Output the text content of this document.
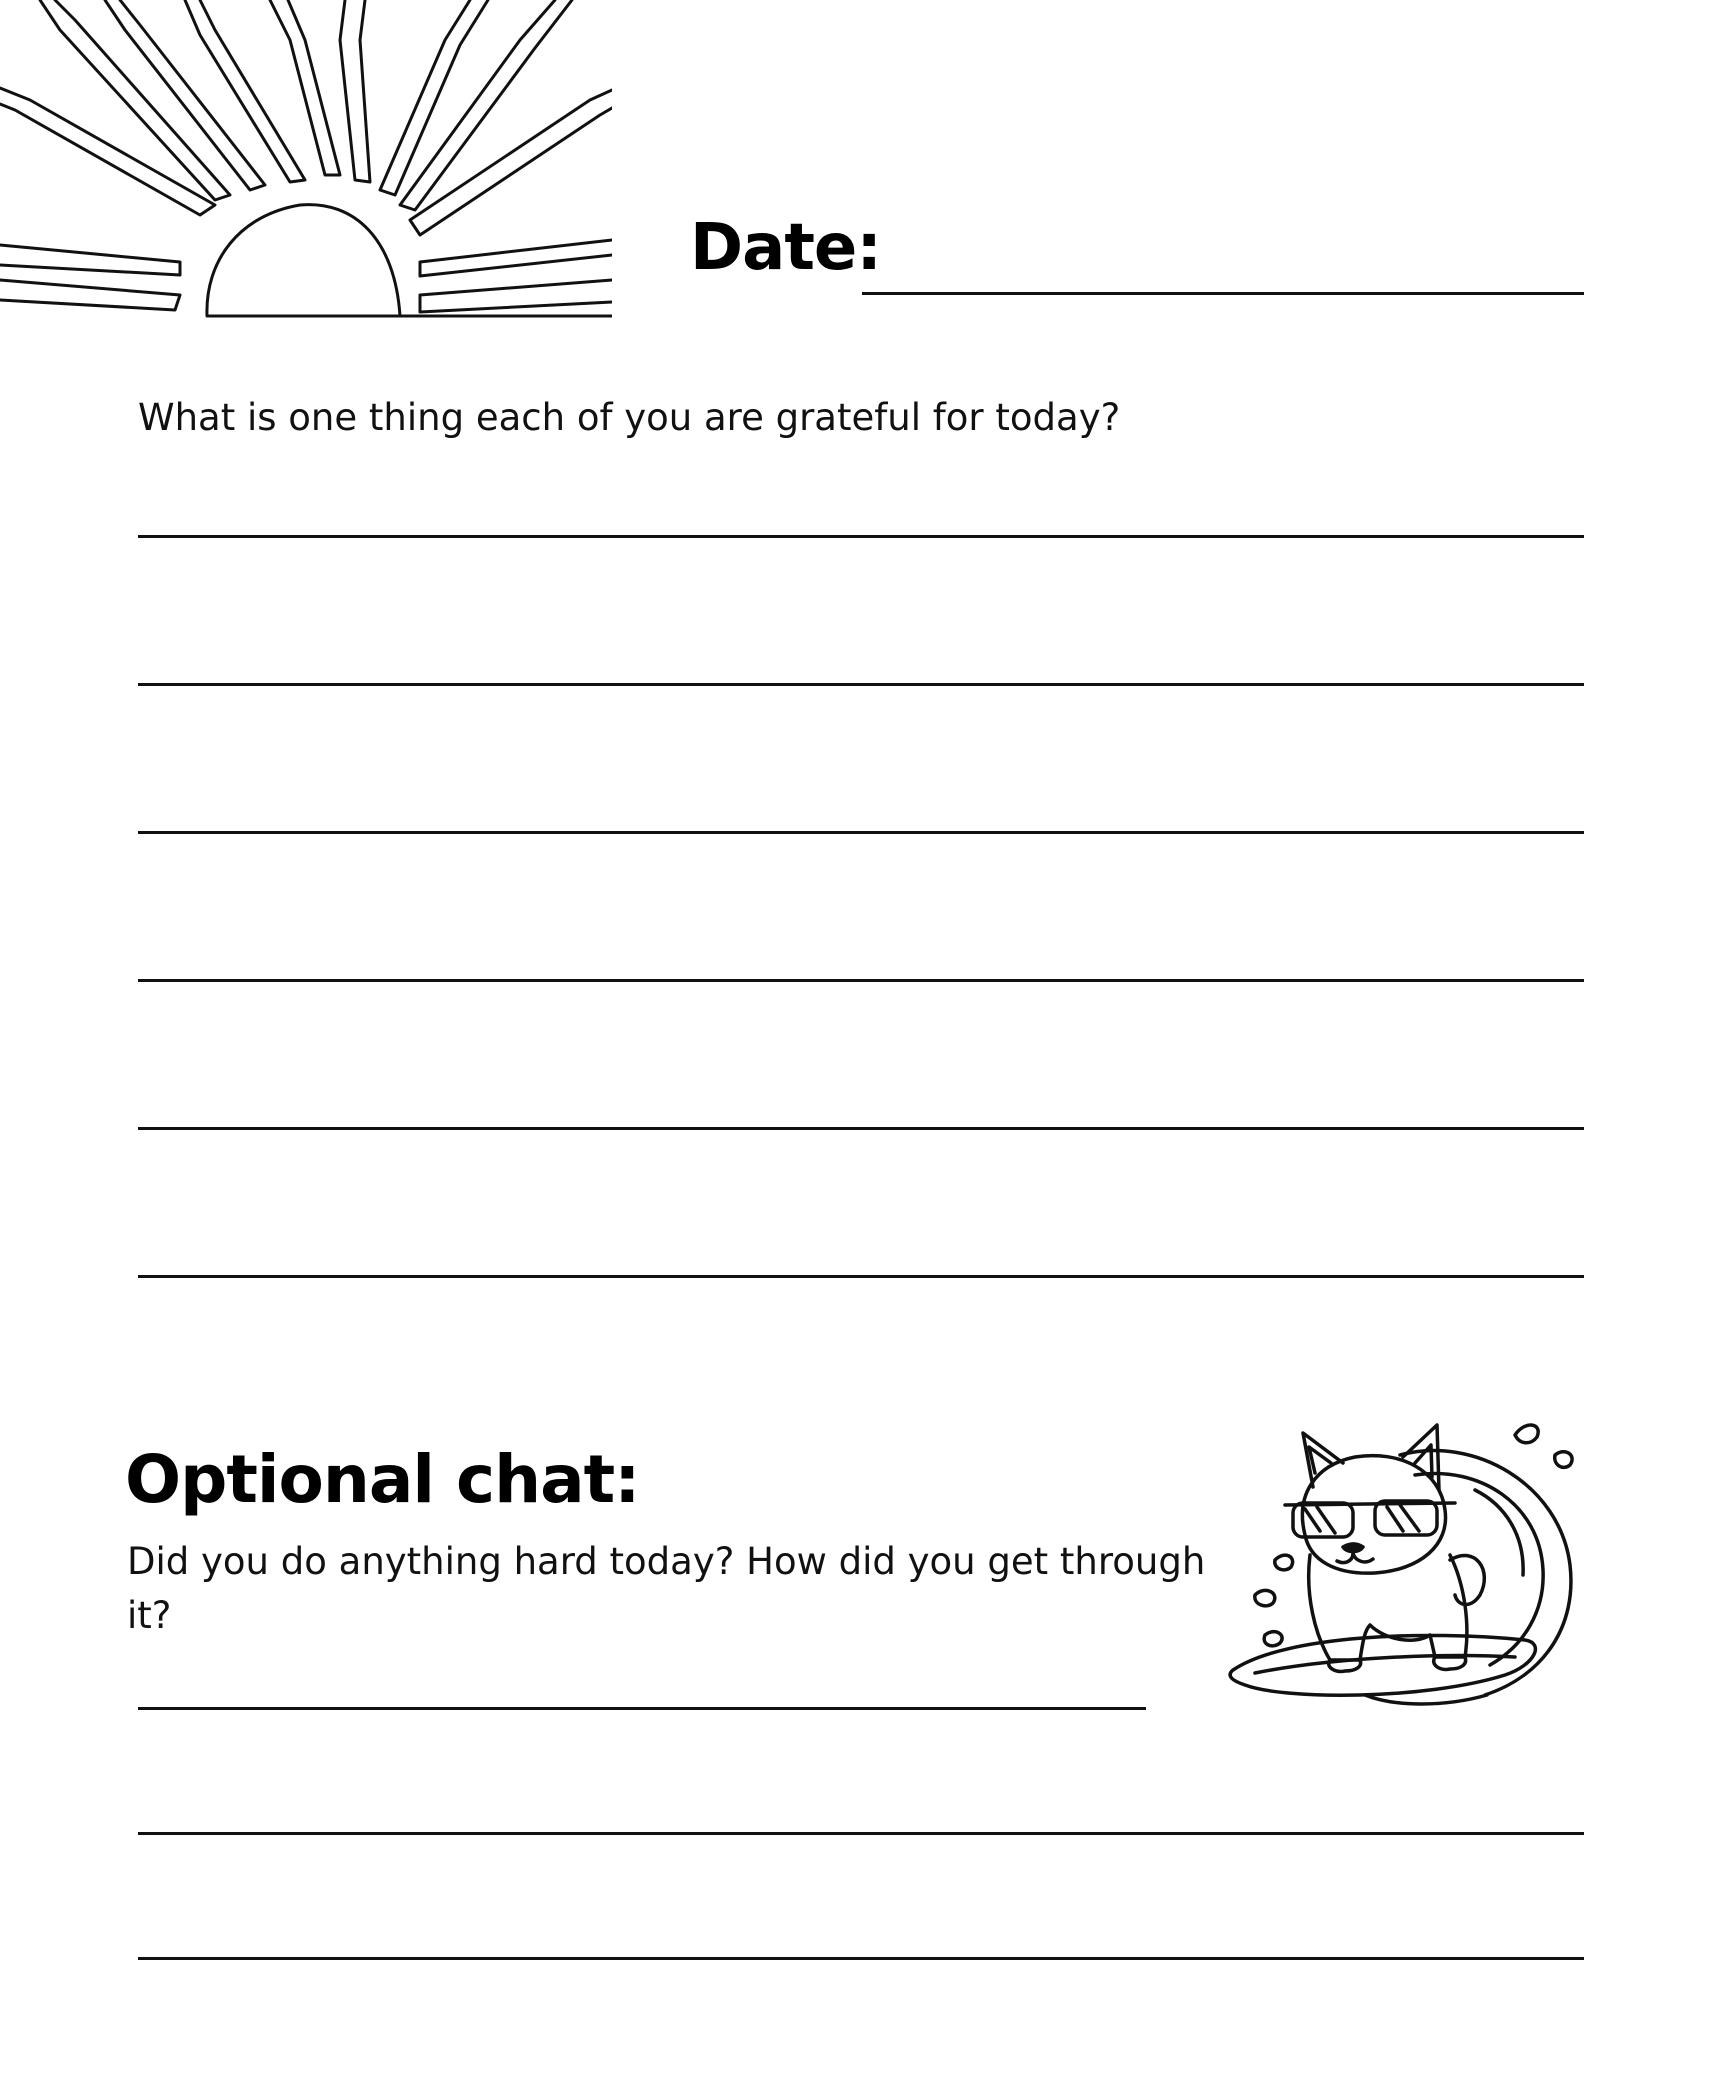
Date:
What is one thing each of you are grateful for today?
Optional chat:
Did you do anything hard today? How did you get through it?
